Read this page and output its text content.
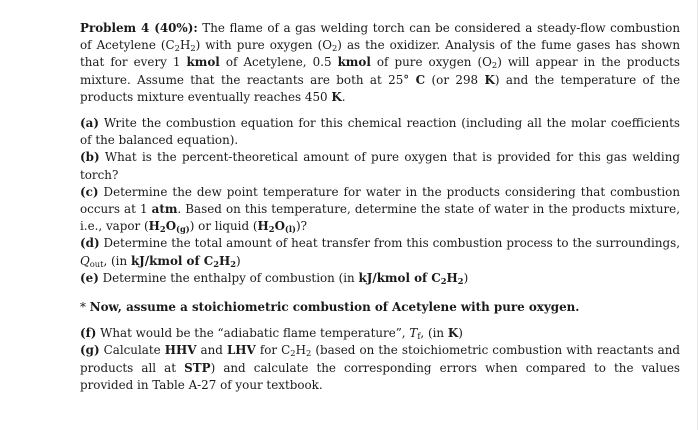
Problem 4 (40%): The flame of a gas welding torch can be considered a steady-flow combustion of Acetylene $(C_2H_2)$ with pure oxygen $(O_2)$ as the oxidizer. Analysis of the fume gases has shown that for every 1 kmol of Acetylene, 0.5 kmol of pure oxygen $(O_2)$ will appear in the products mixture. Assume that the reactants are both at 25° C (or 298 K) and the temperature of the products mixture eventually reaches 450 K.

(a) Write the combustion equation for this chemical reaction (including all the molar coefficients of the balanced equation).

(b) What is the percent-theoretical amount of pure oxygen that is provided for this gas welding torch?

(c) Determine the dew point temperature for water in the products considering that combustion occurs at 1 atm. Based on this temperature, determine the state of water in the products mixture, i.e., vapor $(H_2O_{(g)})$ or liquid $(H_2O_{(l)})$?

(d) Determine the total amount of heat transfer from this combustion process to the surroundings, $Q_{out}$, (in kJ/kmol of $C_2H_2$)

(e) Determine the enthalpy of combustion (in kJ/kmol of $C_2H_2$)

* Now, assume a stoichiometric combustion of Acetylene with pure oxygen.

(f) What would be the “adiabatic flame temperature”, $T_f$, (in K)

(g) Calculate HHV and LHV for $C_2H_2$ (based on the stoichiometric combustion with reactants and products all at STP) and calculate the corresponding errors when compared to the values provided in Table A-27 of your textbook.
